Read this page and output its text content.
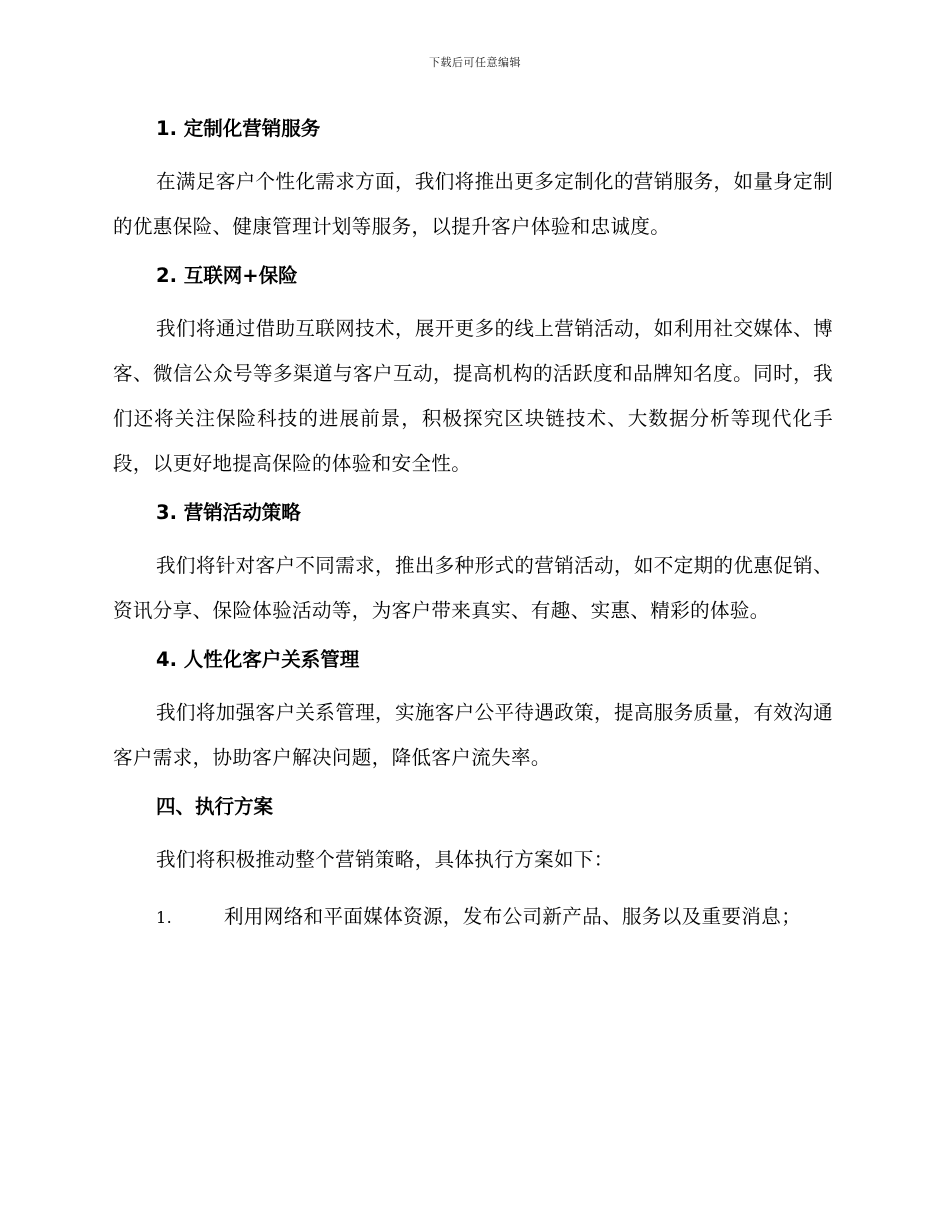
下载后可任意编辑
1. 定制化营销服务

在满足客户个性化需求方面，我们将推出更多定制化的营销服务，如量身定制的优惠保险、健康管理计划等服务，以提升客户体验和忠诚度。

2. 互联网+保险

我们将通过借助互联网技术，展开更多的线上营销活动，如利用社交媒体、博客、微信公众号等多渠道与客户互动，提高机构的活跃度和品牌知名度。同时，我们还将关注保险科技的进展前景，积极探究区块链技术、大数据分析等现代化手段，以更好地提高保险的体验和安全性。

3. 营销活动策略

我们将针对客户不同需求，推出多种形式的营销活动，如不定期的优惠促销、资讯分享、保险体验活动等，为客户带来真实、有趣、实惠、精彩的体验。

4. 人性化客户关系管理

我们将加强客户关系管理，实施客户公平待遇政策，提高服务质量，有效沟通客户需求，协助客户解决问题，降低客户流失率。

四、执行方案

我们将积极推动整个营销策略，具体执行方案如下：

1.	利用网络和平面媒体资源，发布公司新产品、服务以及重要消息；
